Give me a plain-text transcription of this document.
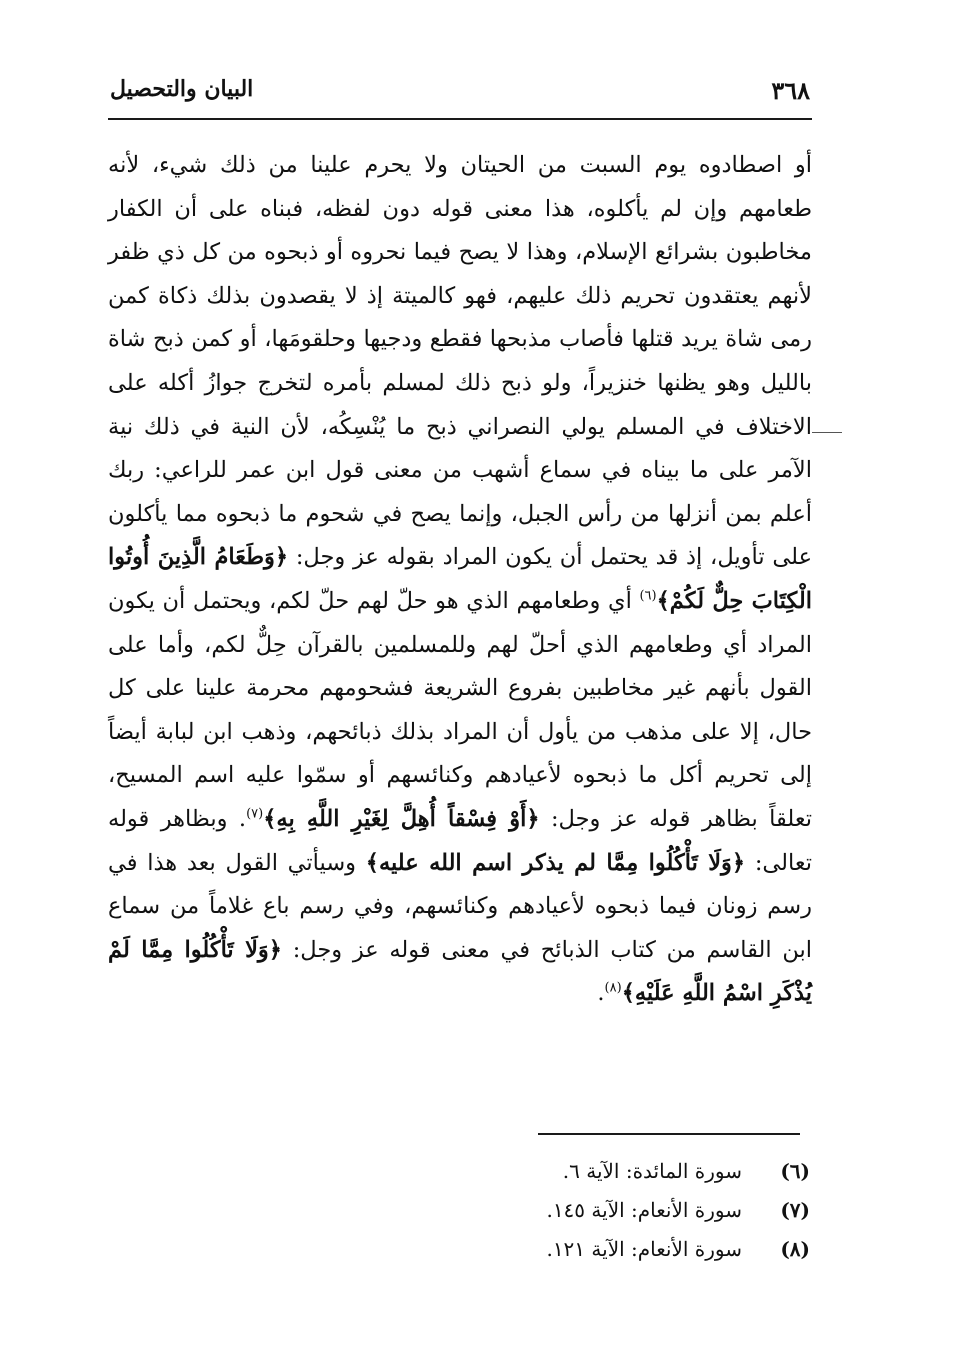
٣٦٨
البيان والتحصيل

أو اصطادوه يوم السبت من الحيتان ولا يحرم علينا من ذلك شيء، لأنه طعامهم وإن لم يأكلوه، هذا معنى قوله دون لفظه، فبناه على أن الكفار مخاطبون بشرائع الإسلام، وهذا لا يصح فيما نحروه أو ذبحوه من كل ذي ظفر لأنهم يعتقدون تحريم ذلك عليهم، فهو كالميتة إذ لا يقصدون بذلك ذكاة كمن رمى شاة يريد قتلها فأصاب مذبحها فقطع ودجيها وحلقومَها، أو كمن ذبح شاة بالليل وهو يظنها خنزيراً، ولو ذبح ذلك لمسلم بأمره لتخرج جوازُ أكله على الاختلاف في المسلم يولي النصراني ذبح ما يُنْسِكُه، لأن النية في ذلك نية الآمر على ما بيناه في سماع أشهب من معنى قول ابن عمر للراعي: ربك أعلم بمن أنزلها من رأس الجبل، وإنما يصح في شحوم ما ذبحوه مما يأكلون على تأويل، إذ قد يحتمل أن يكون المراد بقوله عز وجل: ﴿وَطَعَامُ الَّذِينَ أُوتُوا الْكِتَابَ حِلٌّ لَكُمْ﴾$^{(٦)}$ أي وطعامهم الذي هو حلّ لهم حلّ لكم، ويحتمل أن يكون المراد أي وطعامهم الذي أحلّ لهم وللمسلمين بالقرآن حِلٌّ لكم، وأما على القول بأنهم غير مخاطبين بفروع الشريعة فشحومهم محرمة علينا على كل حال، إلا على مذهب من يأول أن المراد بذلك ذبائحهم، وذهب ابن لبابة أيضاً إلى تحريم أكل ما ذبحوه لأعيادهم وكنائسهم أو سمّوا عليه اسم المسيح، تعلقاً بظاهر قوله عز وجل: ﴿أَوْ فِسْقاً أُهِلَّ لِغَيْرِ اللَّهِ بِهِ﴾$^{(٧)}$. وبظاهر قوله تعالى: ﴿وَلَا تَأْكُلُوا مِمَّا لم يذكر اسم الله عليه﴾ وسيأتي القول بعد هذا في رسم زونان فيما ذبحوه لأعيادهم وكنائسهم، وفي رسم باع غلاماً من سماع ابن القاسم من كتاب الذبائح في معنى قوله عز وجل: ﴿وَلَا تَأْكُلُوا مِمَّا لَمْ يُذْكَرِ اسْمُ اللَّهِ عَلَيْهِ﴾$^{(٨)}$.

(٦)
سورة المائدة: الآية ٦.
(٧)
سورة الأنعام: الآية ١٤٥.
(٨)
سورة الأنعام: الآية ١٢١.
